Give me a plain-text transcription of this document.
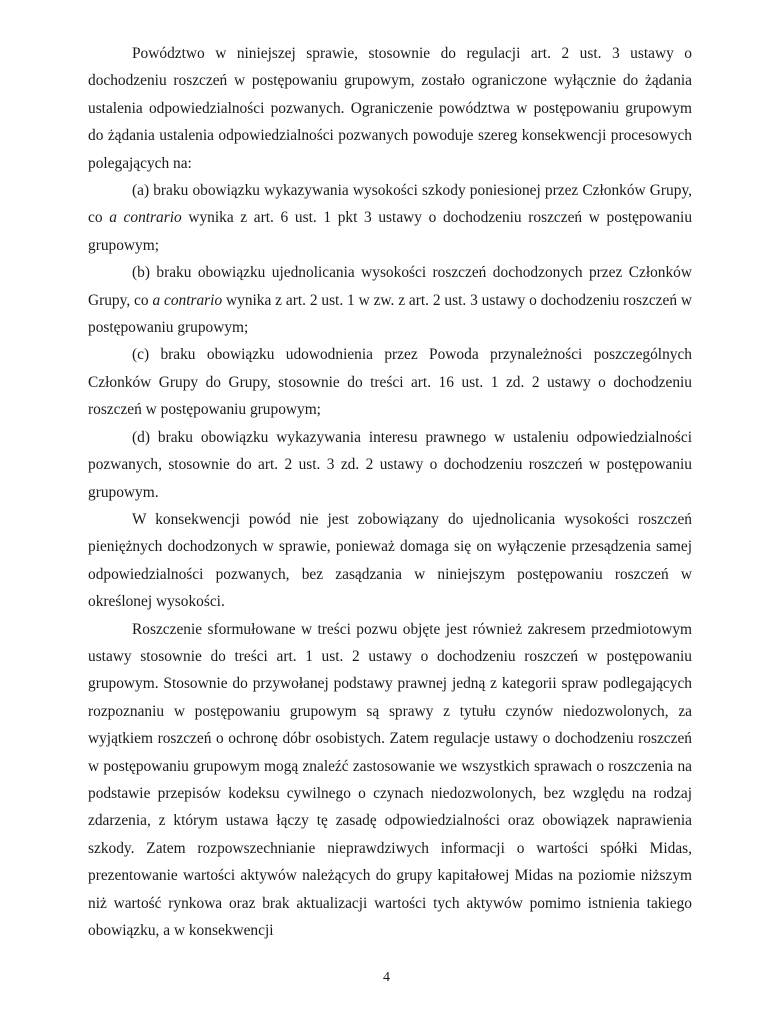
Powództwo w niniejszej sprawie, stosownie do regulacji art. 2 ust. 3 ustawy o dochodzeniu roszczeń w postępowaniu grupowym, zostało ograniczone wyłącznie do żądania ustalenia odpowiedzialności pozwanych. Ograniczenie powództwa w postępowaniu grupowym do żądania ustalenia odpowiedzialności pozwanych powoduje szereg konsekwencji procesowych polegających na:

(a) braku obowiązku wykazywania wysokości szkody poniesionej przez Członków Grupy, co a contrario wynika z art. 6 ust. 1 pkt 3 ustawy o dochodzeniu roszczeń w postępowaniu grupowym;

(b) braku obowiązku ujednolicania wysokości roszczeń dochodzonych przez Członków Grupy, co a contrario wynika z art. 2 ust. 1 w zw. z art. 2 ust. 3 ustawy o dochodzeniu roszczeń w postępowaniu grupowym;

(c) braku obowiązku udowodnienia przez Powoda przynależności poszczególnych Członków Grupy do Grupy, stosownie do treści art. 16 ust. 1 zd. 2 ustawy o dochodzeniu roszczeń w postępowaniu grupowym;

(d) braku obowiązku wykazywania interesu prawnego w ustaleniu odpowiedzialności pozwanych, stosownie do art. 2 ust. 3 zd. 2 ustawy o dochodzeniu roszczeń w postępowaniu grupowym.

W konsekwencji powód nie jest zobowiązany do ujednolicania wysokości roszczeń pieniężnych dochodzonych w sprawie, ponieważ domaga się on wyłączenie przesądzenia samej odpowiedzialności pozwanych, bez zasądzania w niniejszym postępowaniu roszczeń w określonej wysokości.

Roszczenie sformułowane w treści pozwu objęte jest również zakresem przedmiotowym ustawy stosownie do treści art. 1 ust. 2 ustawy o dochodzeniu roszczeń w postępowaniu grupowym. Stosownie do przywołanej podstawy prawnej jedną z kategorii spraw podlegających rozpoznaniu w postępowaniu grupowym są sprawy z tytułu czynów niedozwolonych, za wyjątkiem roszczeń o ochronę dóbr osobistych. Zatem regulacje ustawy o dochodzeniu roszczeń w postępowaniu grupowym mogą znaleźć zastosowanie we wszystkich sprawach o roszczenia na podstawie przepisów kodeksu cywilnego o czynach niedozwolonych, bez względu na rodzaj zdarzenia, z którym ustawa łączy tę zasadę odpowiedzialności oraz obowiązek naprawienia szkody. Zatem rozpowszechnianie nieprawdziwych informacji o wartości spółki Midas, prezentowanie wartości aktywów należących do grupy kapitałowej Midas na poziomie niższym niż wartość rynkowa oraz brak aktualizacji wartości tych aktywów pomimo istnienia takiego obowiązku, a w konsekwencji

4
